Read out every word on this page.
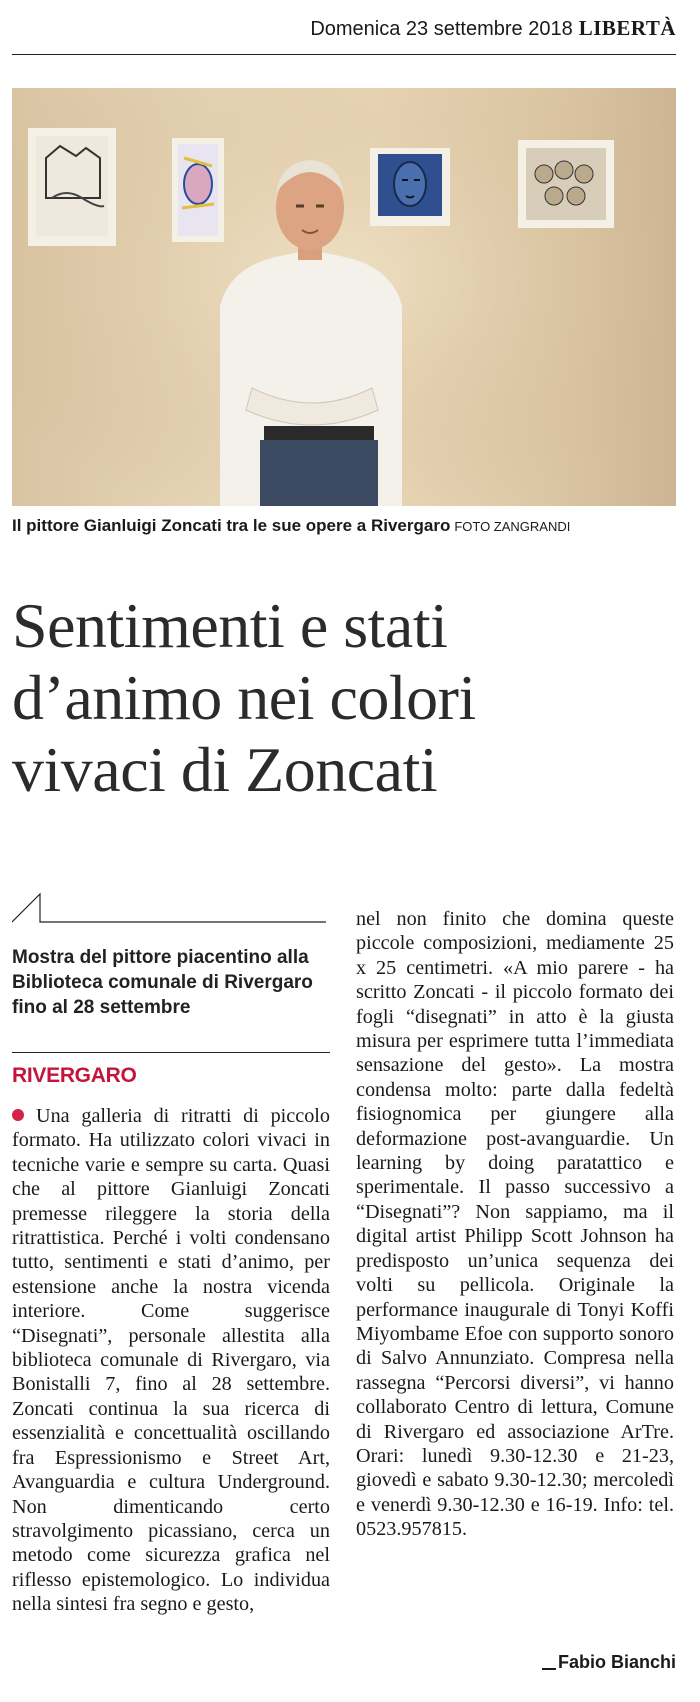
Domenica 23 settembre 2018 LIBERTÀ
Il pittore Gianluigi Zoncati tra le sue opere a Rivergaro FOTO ZANGRANDI
Sentimenti e stati
d’animo nei colori
vivaci di Zoncati
Mostra del pittore piacentino alla Biblioteca comunale di Rivergaro fino al 28 settembre
RIVERGARO

Una galleria di ritratti di piccolo formato. Ha utilizzato colori vivaci in tecniche varie e sempre su carta. Quasi che al pittore Gianluigi Zoncati premesse rileggere la storia della ritrattistica. Perché i volti condensano tutto, sentimenti e stati d’animo, per estensione anche la nostra vicenda interiore. Come suggerisce “Disegnati”, personale allestita alla biblioteca comunale di Rivergaro, via Bonistalli 7, fino al 28 settembre. Zoncati continua la sua ricerca di essenzialità e concettualità oscillando fra Espressionismo e Street Art, Avanguardia e cultura Underground. Non dimenticando certo stravolgimento picassiano, cerca un metodo come sicurezza grafica nel riflesso epistemologico. Lo individua nella sintesi fra segno e gesto,

nel non finito che domina queste piccole composizioni, mediamente 25 x 25 centimetri. «A mio parere - ha scritto Zoncati - il piccolo formato dei fogli “disegnati” in atto è la giusta misura per esprimere tutta l’immediata sensazione del gesto». La mostra condensa molto: parte dalla fedeltà fisiognomica per giungere alla deformazione post-avanguardie. Un learning by doing paratattico e sperimentale. Il passo successivo a “Disegnati”? Non sappiamo, ma il digital artist Philipp Scott Johnson ha predisposto un’unica sequenza dei volti su pellicola. Originale la performance inaugurale di Tonyi Koffi Miyombame Efoe con supporto sonoro di Salvo Annunziato. Compresa nella rassegna “Percorsi diversi”, vi hanno collaborato Centro di lettura, Comune di Rivergaro ed associazione ArTre. Orari: lunedì 9.30-12.30 e 21-23, giovedì e sabato 9.30-12.30; mercoledì e venerdì 9.30-12.30 e 16-19. Info: tel. 0523.957815.

Fabio Bianchi
